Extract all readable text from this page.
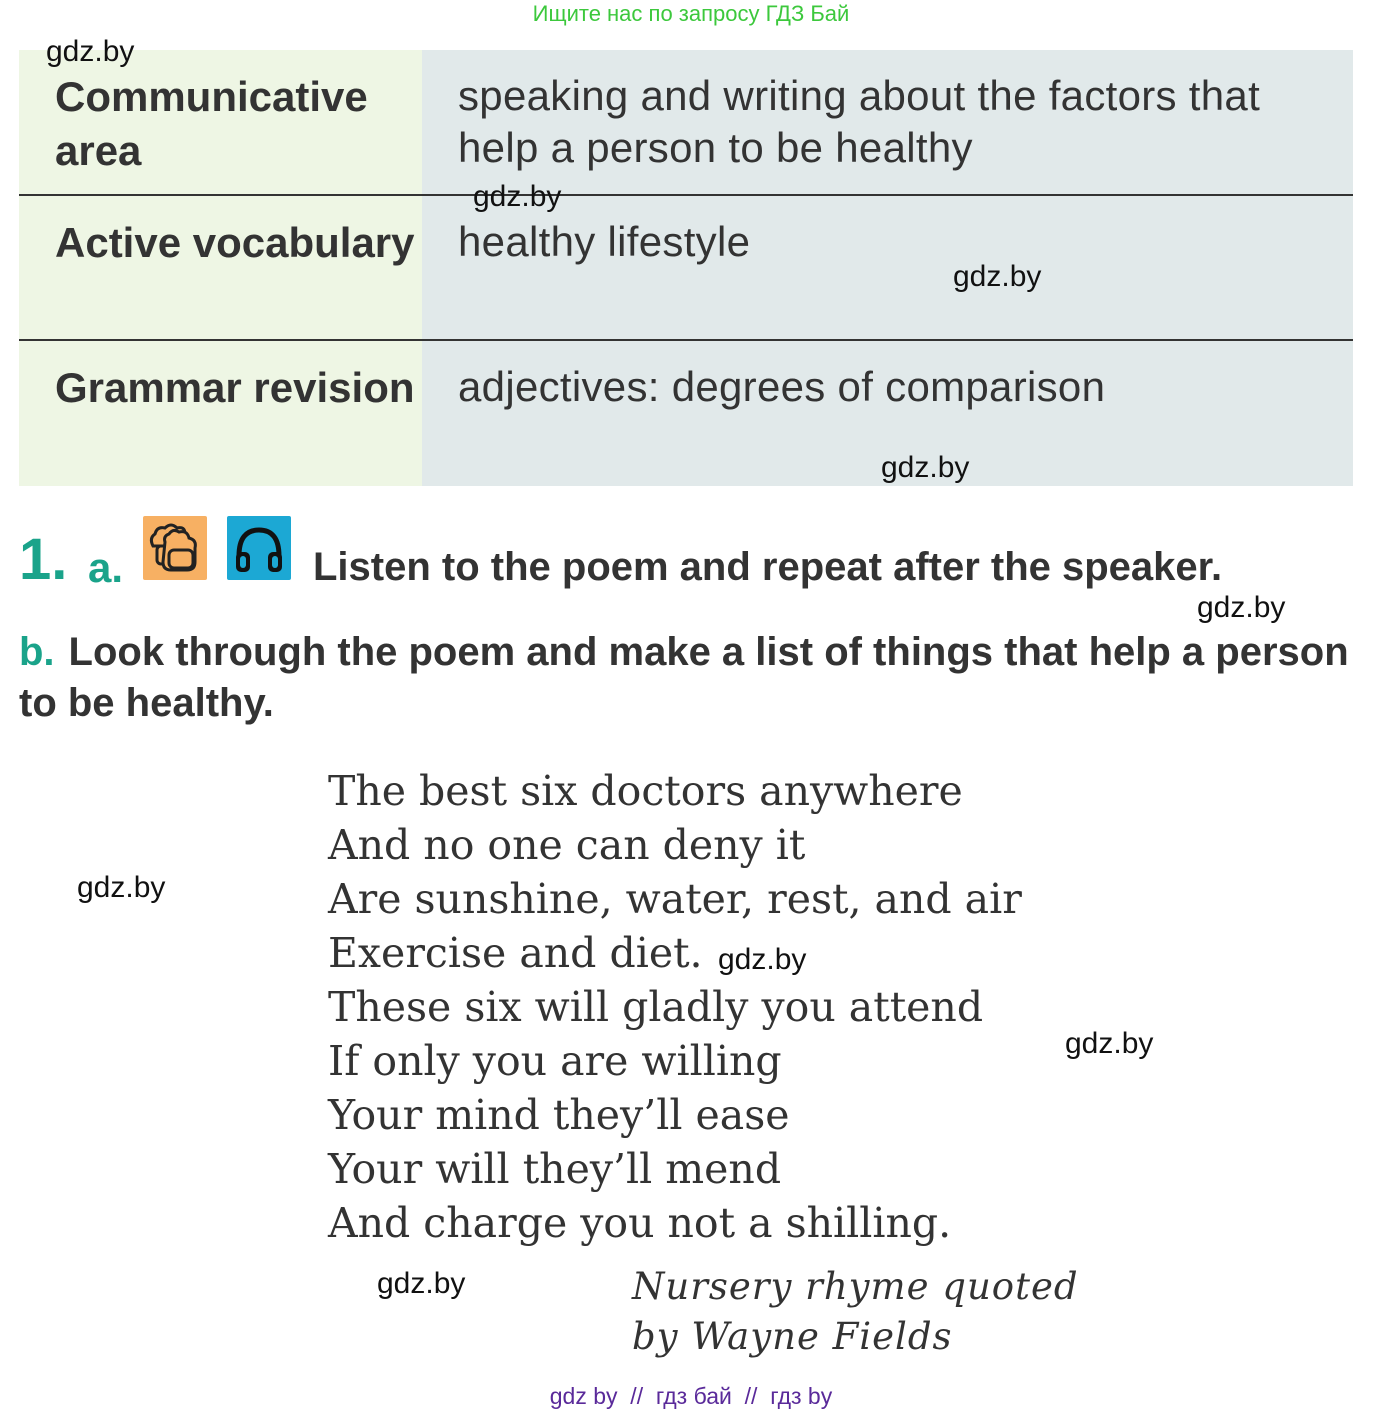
Ищите нас по запросу ГДЗ Бай
Communicative area
speaking and writing about the factors that help a person to be healthy
Active vocabulary healthy lifestyle
Grammar revision adjectives: degrees of comparison
gdz.by
gdz.by
gdz.by
gdz.by
gdz.by
gdz.by
gdz.by
gdz.by
gdz.by
1. a.	Listen to the poem and repeat after the speaker.
b. Look through the poem and make a list of things that help a person to be healthy.
The best six doctors anywhere
And no one can deny it
Are sunshine, water, rest, and air
Exercise and diet.
These six will gladly you attend
If only you are willing
Your mind they’ll ease
Your will they’ll mend
And charge you not a shilling.
Nursery rhyme quoted
by Wayne Fields
gdz by  //  гдз бай  //  гдз by
